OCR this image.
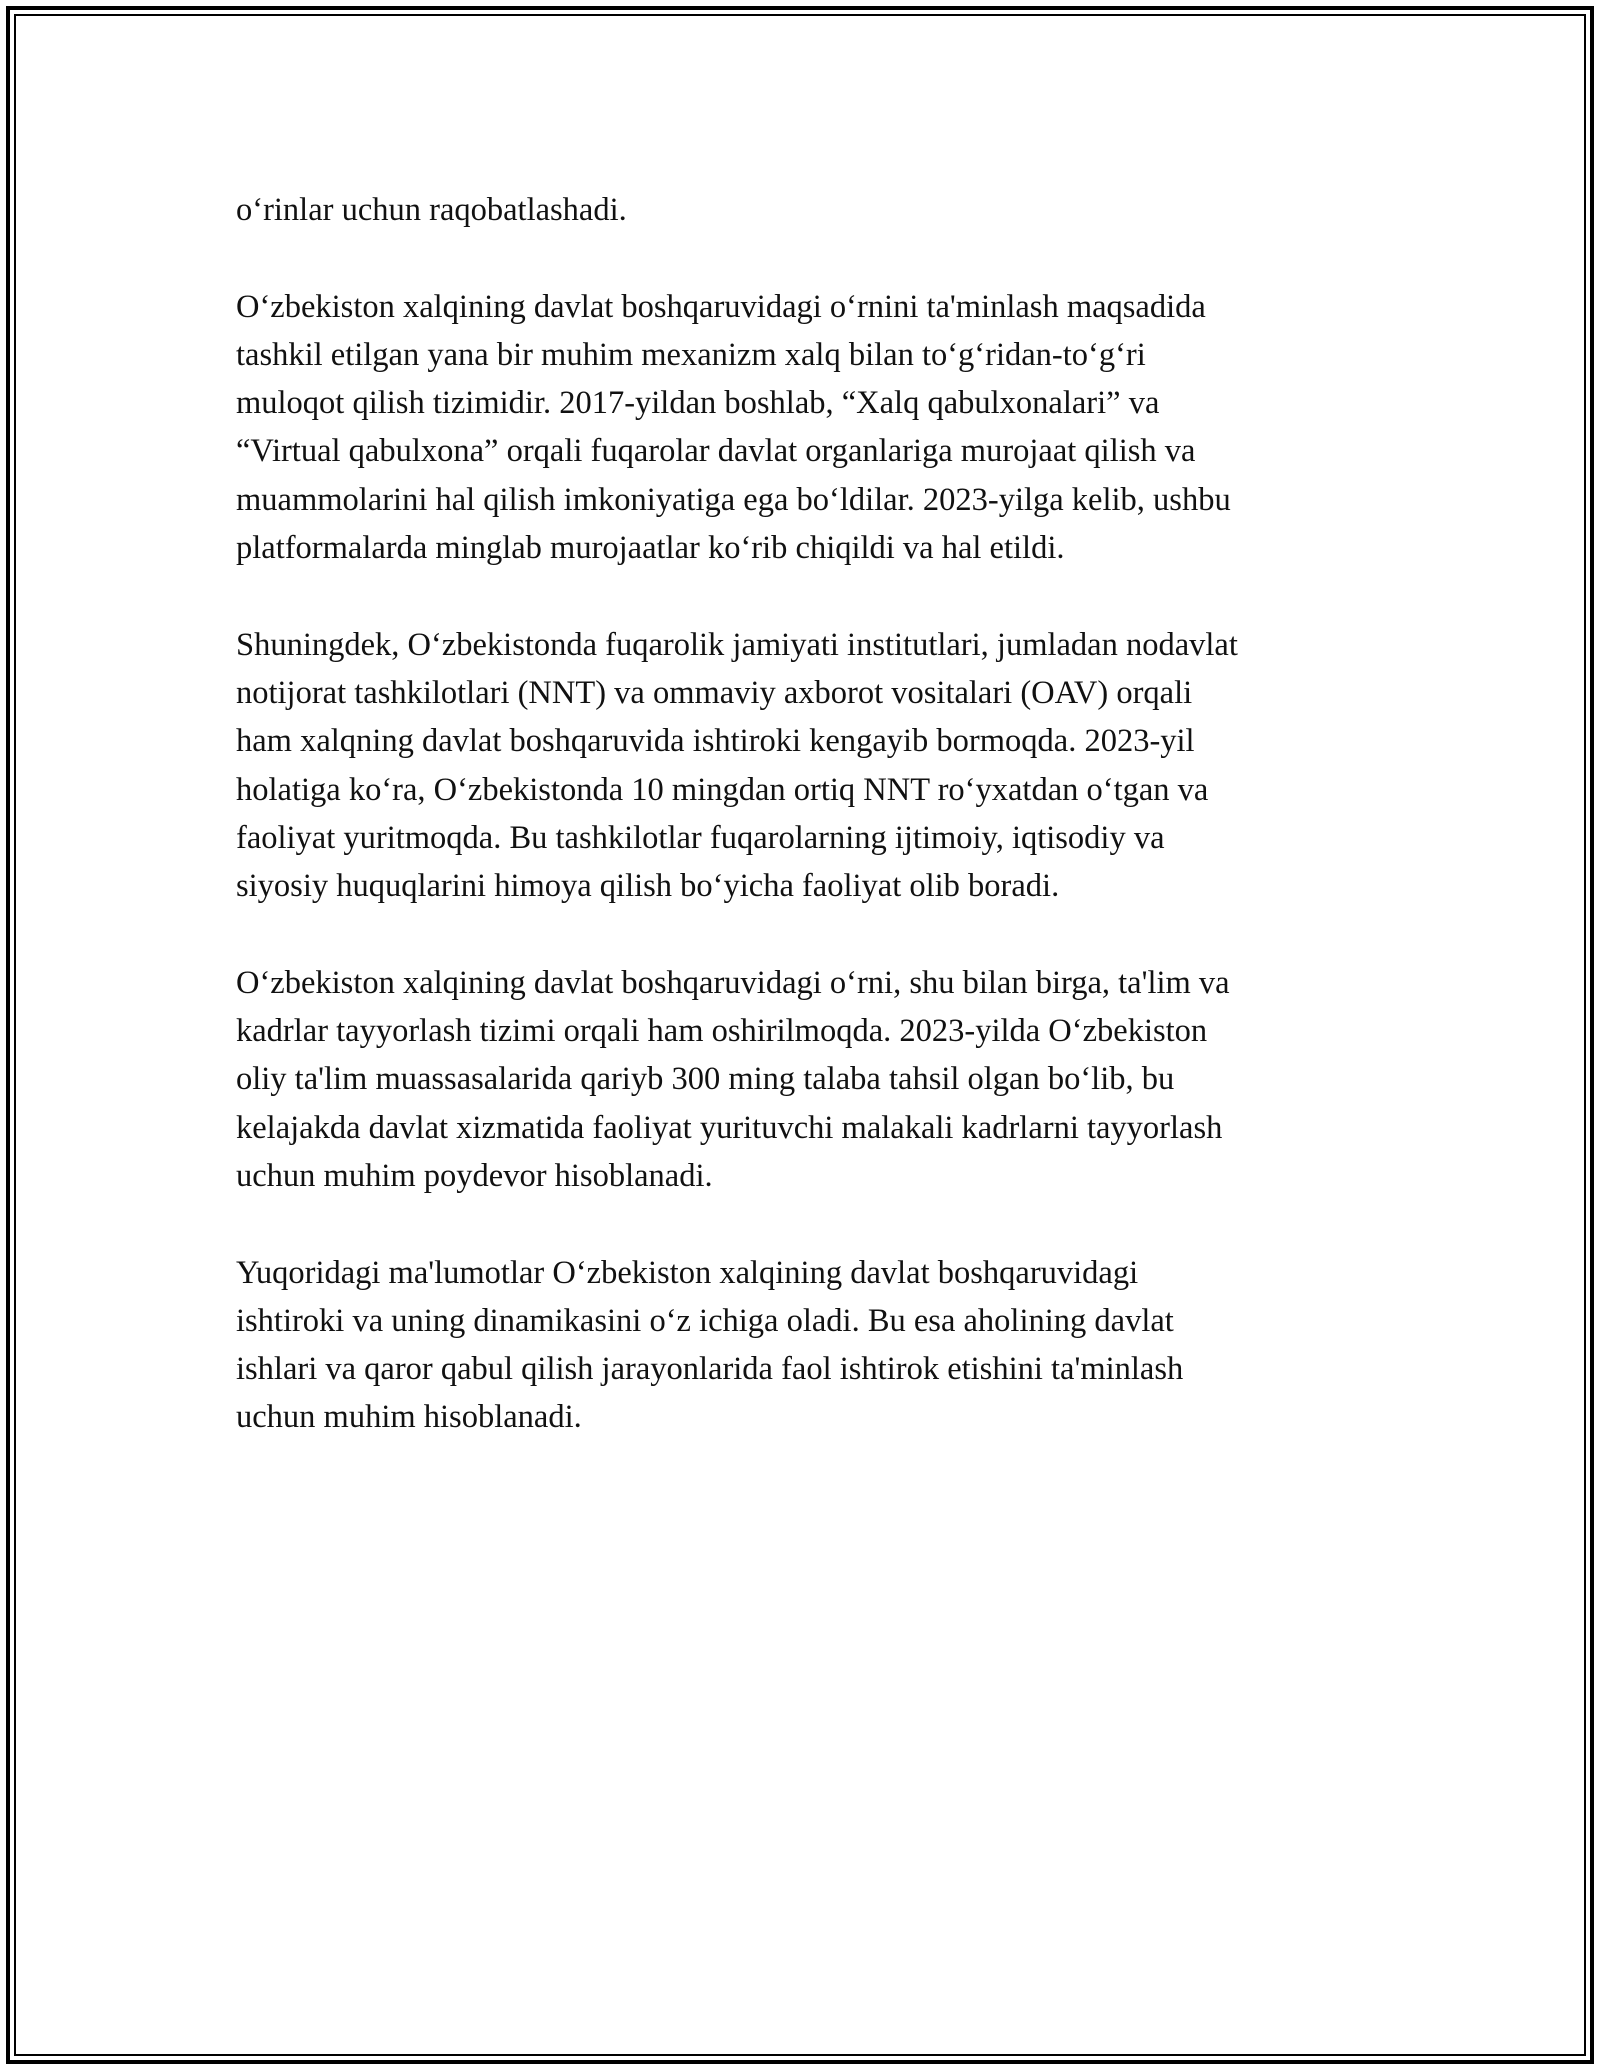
o‘rinlar uchun raqobatlashadi.

O‘zbekiston xalqining davlat boshqaruvidagi o‘rnini ta'minlash maqsadida
tashkil etilgan yana bir muhim mexanizm xalq bilan to‘g‘ridan-to‘g‘ri
muloqot qilish tizimidir. 2017-yildan boshlab, “Xalq qabulxonalari” va
“Virtual qabulxona” orqali fuqarolar davlat organlariga murojaat qilish va
muammolarini hal qilish imkoniyatiga ega bo‘ldilar. 2023-yilga kelib, ushbu
platformalarda minglab murojaatlar ko‘rib chiqildi va hal etildi.

Shuningdek, O‘zbekistonda fuqarolik jamiyati institutlari, jumladan nodavlat
notijorat tashkilotlari (NNT) va ommaviy axborot vositalari (OAV) orqali
ham xalqning davlat boshqaruvida ishtiroki kengayib bormoqda. 2023-yil
holatiga ko‘ra, O‘zbekistonda 10 mingdan ortiq NNT ro‘yxatdan o‘tgan va
faoliyat yuritmoqda. Bu tashkilotlar fuqarolarning ijtimoiy, iqtisodiy va
siyosiy huquqlarini himoya qilish bo‘yicha faoliyat olib boradi.

O‘zbekiston xalqining davlat boshqaruvidagi o‘rni, shu bilan birga, ta'lim va
kadrlar tayyorlash tizimi orqali ham oshirilmoqda. 2023-yilda O‘zbekiston
oliy ta'lim muassasalarida qariyb 300 ming talaba tahsil olgan bo‘lib, bu
kelajakda davlat xizmatida faoliyat yurituvchi malakali kadrlarni tayyorlash
uchun muhim poydevor hisoblanadi.

Yuqoridagi ma'lumotlar O‘zbekiston xalqining davlat boshqaruvidagi
ishtiroki va uning dinamikasini o‘z ichiga oladi. Bu esa aholining davlat
ishlari va qaror qabul qilish jarayonlarida faol ishtirok etishini ta'minlash
uchun muhim hisoblanadi.
